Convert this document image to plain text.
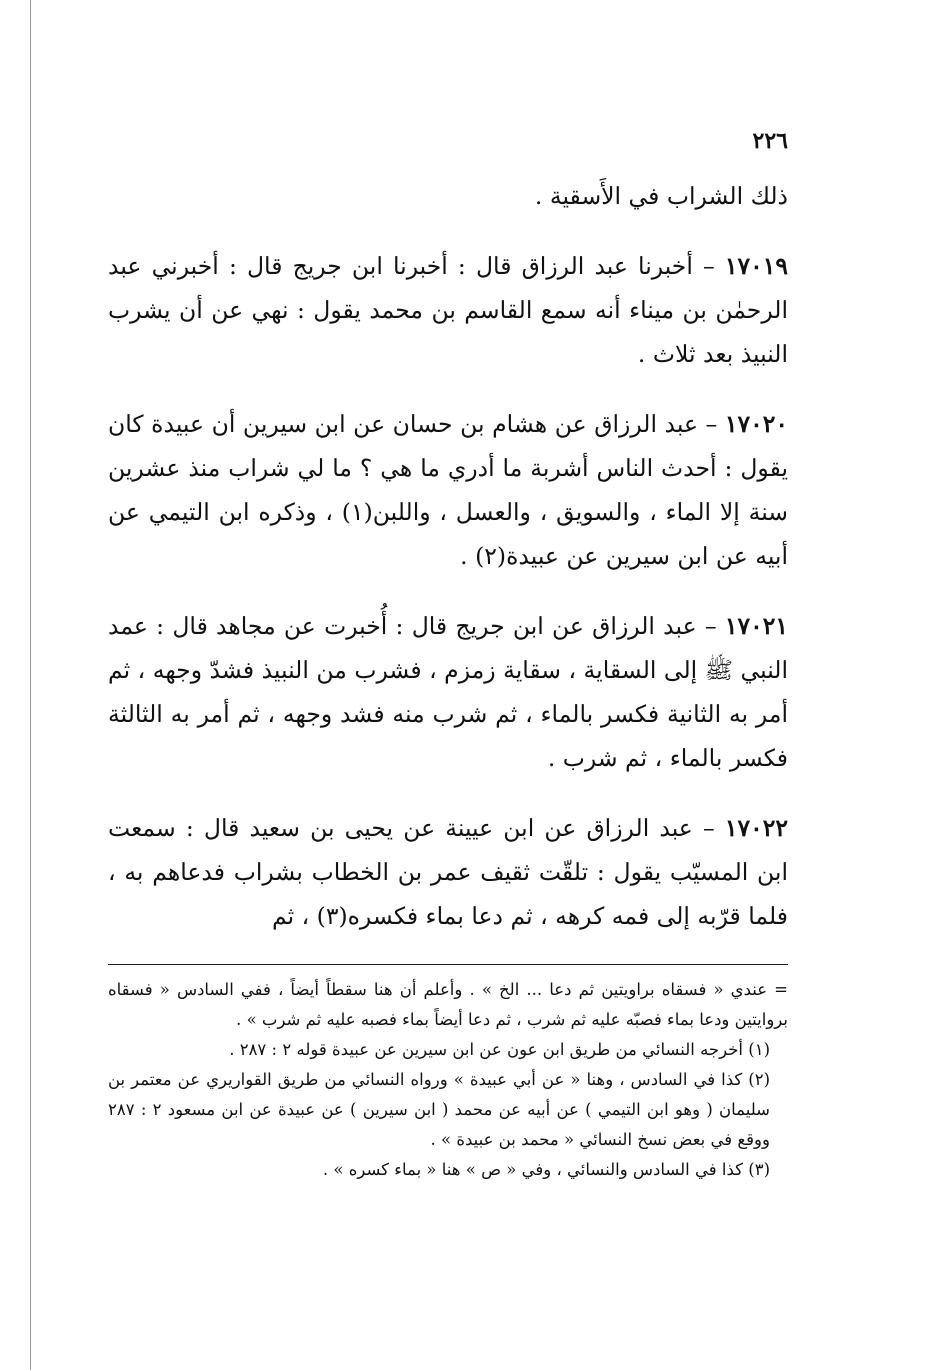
٢٢٦

ذلك الشراب في الأَسقية .

١٧٠١٩ – أخبرنا عبد الرزاق قال : أخبرنا ابن جريج قال : أخبرني عبد الرحمٰن بن ميناء أنه سمع القاسم بن محمد يقول : نهي عن أن يشرب النبيذ بعد ثلاث .

١٧٠٢٠ – عبد الرزاق عن هشام بن حسان عن ابن سيرين أن عبيدة كان يقول : أحدث الناس أشربة ما أدري ما هي ؟ ما لي شراب منذ عشرين سنة إلا الماء ، والسويق ، والعسل ، واللبن(١) ، وذكره ابن التيمي عن أبيه عن ابن سيرين عن عبيدة(٢) .

١٧٠٢١ – عبد الرزاق عن ابن جريج قال : أُخبرت عن مجاهد قال : عمد النبي ﷺ إلى السقاية ، سقاية زمزم ، فشرب من النبيذ فشدّ وجهه ، ثم أمر به الثانية فكسر بالماء ، ثم شرب منه فشد وجهه ، ثم أمر به الثالثة فكسر بالماء ، ثم شرب .

١٧٠٢٢ – عبد الرزاق عن ابن عيينة عن يحيى بن سعيد قال : سمعت ابن المسيّب يقول : تلقّت ثقيف عمر بن الخطاب بشراب فدعاهم به ، فلما قرّبه إلى فمه كرهه ، ثم دعا بماء فكسره(٣) ، ثم

= عندي « فسقاه براويتين ثم دعا ... الخ » . وأعلم أن هنا سقطاً أيضاً ، ففي السادس « فسقاه بروايتين ودعا بماء فصبّه عليه ثم شرب ، ثم دعا أيضاً بماء فصبه عليه ثم شرب » .

(١) أخرجه النسائي من طريق ابن عون عن ابن سيرين عن عبيدة قوله ٢ : ٢٨٧ .

(٢) كذا في السادس ، وهنا « عن أبي عبيدة » ورواه النسائي من طريق القواريري عن معتمر بن سليمان ( وهو ابن التيمي ) عن أبيه عن محمد ( ابن سيرين ) عن عبيدة عن ابن مسعود ٢ : ٢٨٧ ووقع في بعض نسخ النسائي « محمد بن عبيدة » .

(٣) كذا في السادس والنسائي ، وفي « ص » هنا « بماء كسره » .
